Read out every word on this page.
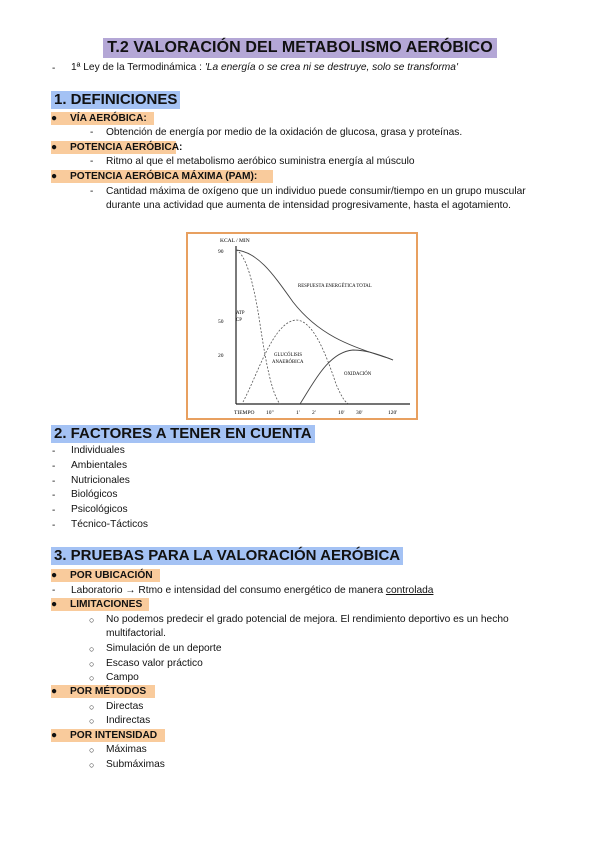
T.2 VALORACIÓN DEL METABOLISMO AERÓBICO
- 1ª Ley de la Termodinámica : 'La energía o se crea ni se destruye, solo se transforma'
1. DEFINICIONES
● VÍA AERÓBICA:
- Obtención de energía por medio de la oxidación de glucosa, grasa y proteínas.
● POTENCIA AERÓBICA:
- Ritmo al que el metabolismo aeróbico suministra energía al músculo
● POTENCIA AERÓBICA MÁXIMA (PAM):
- Cantidad máxima de oxígeno que un individuo puede consumir/tiempo en un grupo muscular
durante una actividad que aumenta de intensidad progresivamente, hasta el agotamiento.
KCAL / MIN
90
50
20
TIEMPO 10"	1' 2'	10' 30'	120'
RESPUESTA ENERGÉTICA TOTAL
ATP
CP
GLUCÓLISIS
ANAERÓBICA
OXIDACIÓN
2. FACTORES A TENER EN CUENTA
- Individuales
- Ambientales
- Nutricionales
- Biológicos
- Psicológicos
- Técnico-Tácticos
3. PRUEBAS PARA LA VALORACIÓN AERÓBICA
● POR UBICACIÓN
- Laboratorio → Rtmo e intensidad del consumo energético de manera controlada
● LIMITACIONES
○ No podemos predecir el grado potencial de mejora. El rendimiento deportivo es un hecho
multifactorial.
○ Simulación de un deporte
○ Escaso valor práctico
○ Campo
● POR MÉTODOS
○ Directas
○ Indirectas
● POR INTENSIDAD
○ Máximas
○ Submáximas
